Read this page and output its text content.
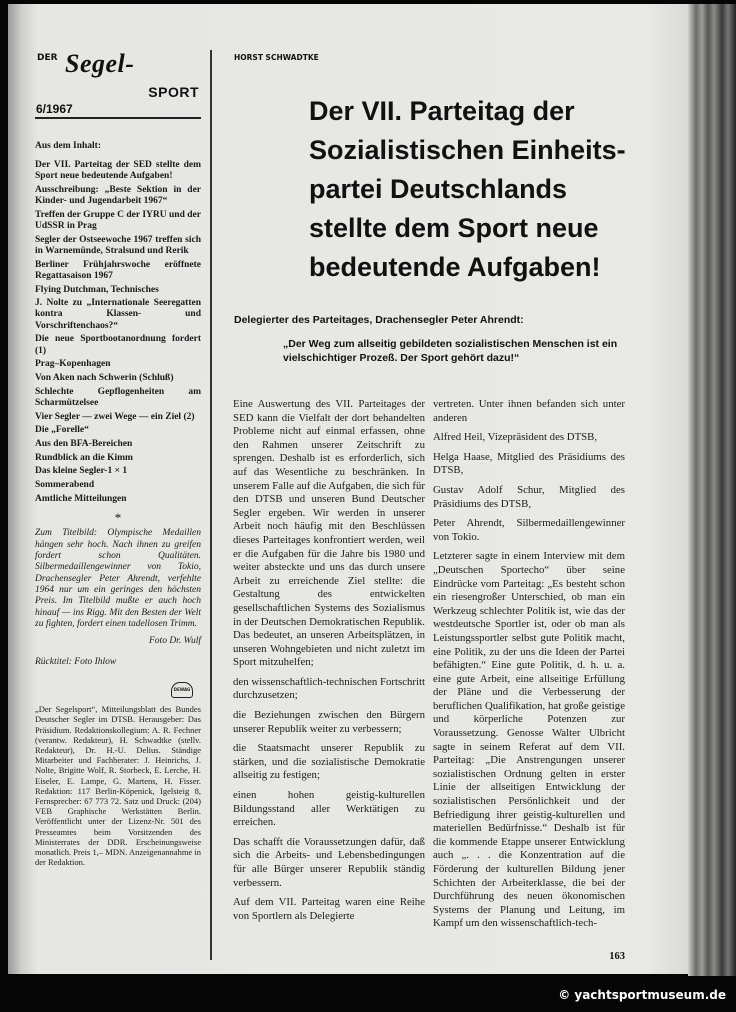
© yachtsportmuseum.de
DER Segel-
SPORT
6/1967
HORST SCHWADTKE
Aus dem Inhalt:
Der VII. Parteitag der SED stellte dem Sport neue bedeutende Aufgaben!
Ausschreibung: „Beste Sektion in der Kinder- und Jugendarbeit 1967“
Treffen der Gruppe C der IYRU und der UdSSR in Prag
Segler der Ostseewoche 1967 treffen sich in Warnemünde, Stralsund und Rerik
Berliner Frühjahrswoche eröffnete Regattasaison 1967
Flying Dutchman, Technisches
J. Nolte zu „Internationale Seeregatten kontra Klassen- und Vorschriftenchaos?“
Die neue Sportbootanordnung fordert (1)
Prag–Kopenhagen
Von Aken nach Schwerin (Schluß)
Schlechte Gepflogenheiten am Scharmützelsee
Vier Segler — zwei Wege — ein Ziel (2)
Die „Forelle“
Aus den BFA-Bereichen
Rundblick an die Kimm
Das kleine Segler-1 × 1
Sommerabend
Amtliche Mitteilungen
*

Zum Titelbild: Olympische Medaillen hängen sehr hoch. Nach ihnen zu greifen fordert schon Qualitäten. Silbermedaillengewinner von Tokio, Drachensegler Peter Ahrendt, verfehlte 1964 nur um ein geringes den höchsten Preis. Im Titelbild mußte er auch hoch hinauf — ins Rigg. Mit den Besten der Welt zu fighten, fordert einen tadellosen Trimm.

Foto Dr. Wulf
Rücktitel: Foto Ihlow
DEWAG

„Der Segelsport“, Mitteilungsblatt des Bundes Deutscher Segler im DTSB. Herausgeber: Das Präsidium. Redaktionskollegium: A. R. Fechner (verantw. Redakteur), H. Schwadtke (stellv. Redakteur), Dr. H.-U. Delius. Ständige Mitarbeiter und Fachberater: J. Heinrichs, J. Nolte, Brigitte Wolf, R. Storbeck, E. Lerche, H. Eiseler, E. Lampe, G. Martens, H. Fisser. Redaktion: 117 Berlin-Köpenick, Igelsteig 8, Fernsprecher: 67 773 72. Satz und Druck: (204) VEB Graphische Werkstätten Berlin. Veröffentlicht unter der Lizenz-Nr. 501 des Presseamtes beim Vorsitzenden des Ministerrates der DDR. Erscheinungsweise monatlich. Preis 1,– MDN. Anzeigenannahme in der Redaktion.

Der VII. Parteitag der
Sozialistischen Einheits-
partei Deutschlands
stellte dem Sport neue
bedeutende Aufgaben!
Delegierter des Parteitages, Drachensegler Peter Ahrendt:

„Der Weg zum allseitig gebildeten sozialistischen Menschen ist ein vielschichtiger Prozeß. Der Sport gehört dazu!“

Eine Auswertung des VII. Parteitages der SED kann die Vielfalt der dort behandelten Probleme nicht auf einmal erfassen, ohne den Rahmen unserer Zeitschrift zu sprengen. Deshalb ist es erforderlich, sich auf das Wesentliche zu beschränken. In unserem Falle auf die Aufgaben, die sich für den DTSB und unseren Bund Deutscher Segler ergeben. Wir werden in unserer Arbeit noch häufig mit den Beschlüssen dieses Parteitages konfrontiert werden, weil er die Aufgaben für die Jahre bis 1980 und weiter absteckte und uns das durch unsere Arbeit zu erreichende Ziel stellte: die Gestaltung des entwickelten gesellschaftlichen Systems des Sozialismus in der Deutschen Demokratischen Republik. Das bedeutet, an unseren Arbeitsplätzen, in unseren Wohngebieten und nicht zuletzt im Sport mitzuhelfen;

den wissenschaftlich-technischen Fortschritt durchzusetzen;

die Beziehungen zwischen den Bürgern unserer Republik weiter zu verbessern;

die Staatsmacht unserer Republik zu stärken, und die sozialistische Demokratie allseitig zu festigen;

einen hohen geistig-kulturellen Bildungsstand aller Werktätigen zu erreichen.

Das schafft die Voraussetzungen dafür, daß sich die Arbeits- und Lebensbedingungen für alle Bürger unserer Republik ständig verbessern.

Auf dem VII. Parteitag waren eine Reihe von Sportlern als Delegierte

vertreten. Unter ihnen befanden sich unter anderen

Alfred Heil, Vizepräsident des DTSB,

Helga Haase, Mitglied des Präsidiums des DTSB,

Gustav Adolf Schur, Mitglied des Präsidiums des DTSB,

Peter Ahrendt, Silbermedaillengewinner von Tokio.

Letzterer sagte in einem Interview mit dem „Deutschen Sportecho“ über seine Eindrücke vom Parteitag: „Es besteht schon ein riesengroßer Unterschied, ob man ein Werkzeug schlechter Politik ist, wie das der westdeutsche Sportler ist, oder ob man als Leistungssportler selbst gute Politik macht, eine Politik, zu der uns die Ideen der Partei befähigten.“ Eine gute Politik, d. h. u. a. eine gute Arbeit, eine allseitige Erfüllung der Pläne und die Verbesserung der beruflichen Qualifikation, hat große geistige und körperliche Potenzen zur Voraussetzung. Genosse Walter Ulbricht sagte in seinem Referat auf dem VII. Parteitag: „Die Anstrengungen unserer sozialistischen Ordnung gelten in erster Linie der allseitigen Entwicklung der sozialistischen Persönlichkeit und der Befriedigung ihrer geistig-kulturellen und materiellen Bedürfnisse.“ Deshalb ist für die kommende Etappe unserer Entwicklung auch „. . . die Konzentration auf die Förderung der kulturellen Bildung jener Schichten der Arbeiterklasse, die bei der Durchführung des neuen ökonomischen Systems der Planung und Leitung, im Kampf um den wissenschaftlich-tech-

163
